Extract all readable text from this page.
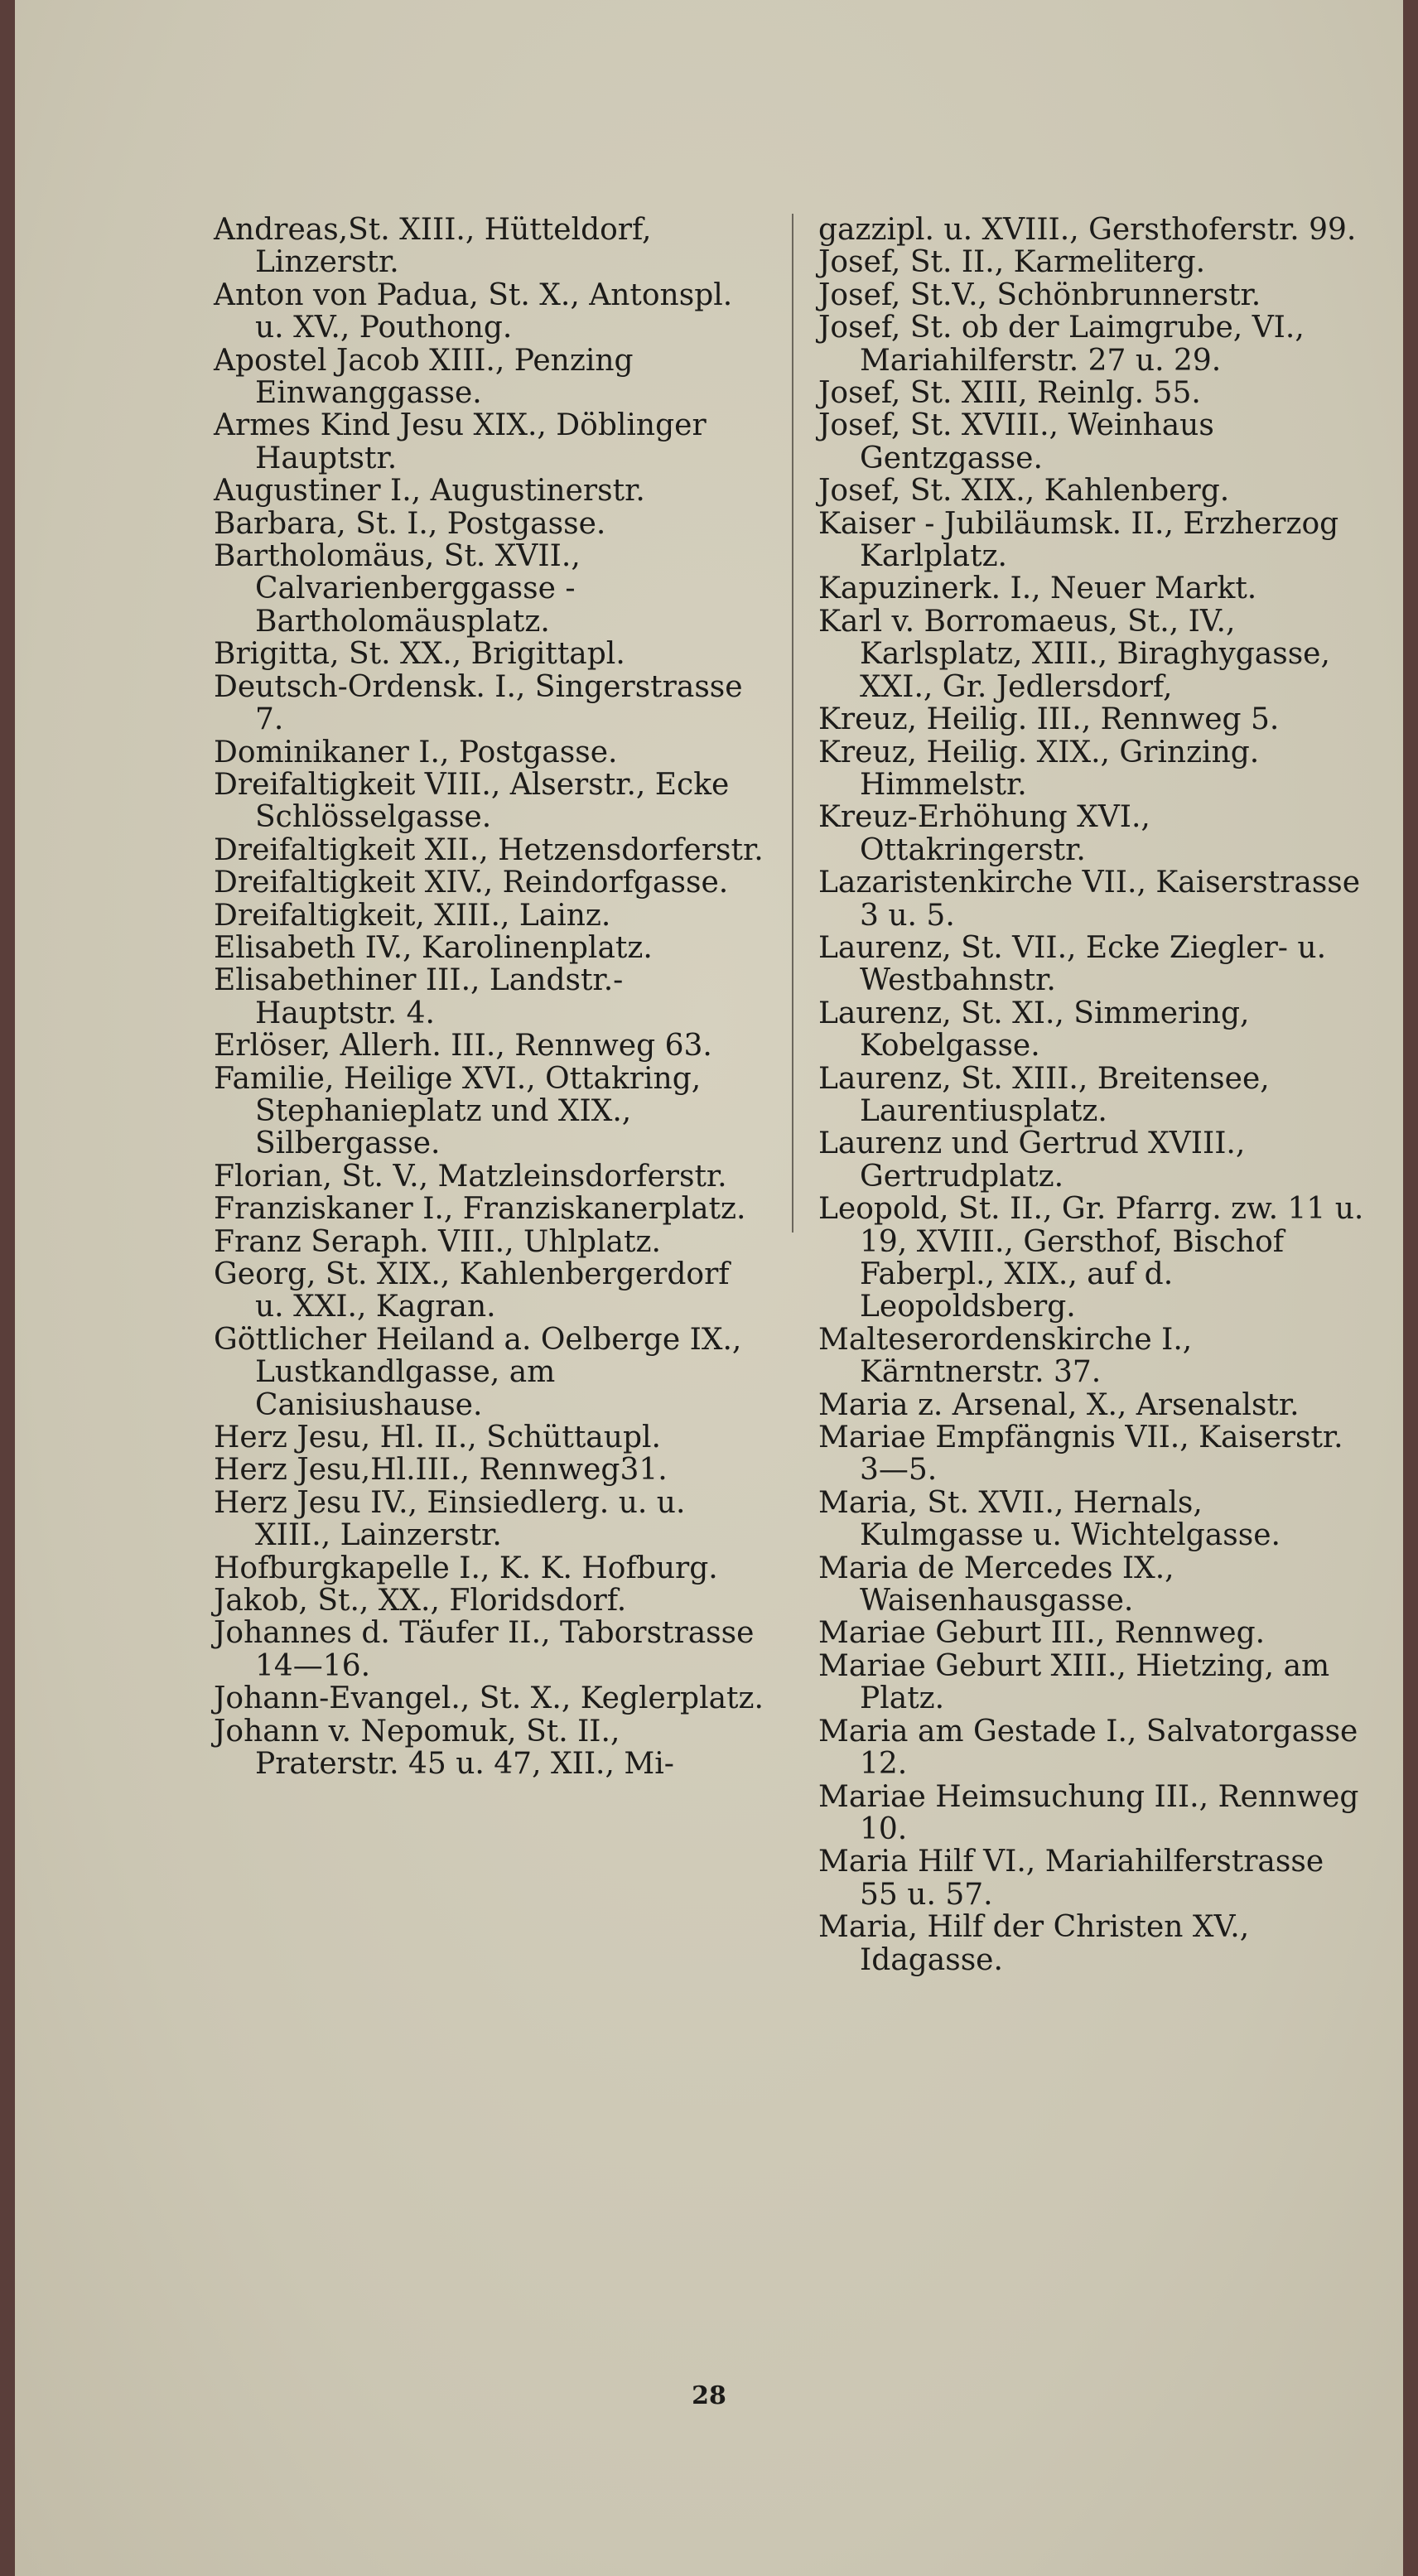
Andreas,St. XIII., Hütteldorf, Linzerstr.
Anton von Padua, St. X., Antonspl. u. XV., Pouthong.
Apostel Jacob XIII., Penzing Einwanggasse.
Armes Kind Jesu XIX., Döblinger Hauptstr.
Augustiner I., Augustinerstr.
Barbara, St. I., Postgasse.
Bartholomäus, St. XVII., Calvarienberggasse - Bartholomäusplatz.
Brigitta, St. XX., Brigittapl.
Deutsch-Ordensk. I., Singerstrasse 7.
Dominikaner I., Postgasse.
Dreifaltigkeit VIII., Alserstr., Ecke Schlösselgasse.
Dreifaltigkeit XII., Hetzensdorferstr.
Dreifaltigkeit XIV., Reindorfgasse.
Dreifaltigkeit, XIII., Lainz.
Elisabeth IV., Karolinenplatz.
Elisabethiner III., Landstr.-Hauptstr. 4.
Erlöser, Allerh. III., Rennweg 63.
Familie, Heilige XVI., Ottakring, Stephanieplatz und XIX., Silbergasse.
Florian, St. V., Matzleinsdorferstr.
Franziskaner I., Franziskanerplatz.
Franz Seraph. VIII., Uhlplatz.
Georg, St. XIX., Kahlenbergerdorf u. XXI., Kagran.
Göttlicher Heiland a. Oelberge IX., Lustkandlgasse, am Canisiushause.
Herz Jesu, Hl. II., Schüttaupl.
Herz Jesu,Hl.III., Rennweg31.
Herz Jesu IV., Einsiedlerg. u. u. XIII., Lainzerstr.
Hofburgkapelle I., K. K. Hofburg.
Jakob, St., XX., Floridsdorf.
Johannes d. Täufer II., Taborstrasse 14—16.
Johann-Evangel., St. X., Keglerplatz.
Johann v. Nepomuk, St. II., Praterstr. 45 u. 47, XII., Mi-
gazzipl. u. XVIII., Gersthoferstr. 99.
Josef, St. II., Karmeliterg.
Josef, St.V., Schönbrunnerstr.
Josef, St. ob der Laimgrube, VI., Mariahilferstr. 27 u. 29.
Josef, St. XIII, Reinlg. 55.
Josef, St. XVIII., Weinhaus Gentzgasse.
Josef, St. XIX., Kahlenberg.
Kaiser - Jubiläumsk. II., Erzherzog Karlplatz.
Kapuzinerk. I., Neuer Markt.
Karl v. Borromaeus, St., IV., Karlsplatz, XIII., Biraghygasse, XXI., Gr. Jedlersdorf,
Kreuz, Heilig. III., Rennweg 5.
Kreuz, Heilig. XIX., Grinzing. Himmelstr.
Kreuz-Erhöhung XVI., Ottakringerstr.
Lazaristenkirche VII., Kaiserstrasse 3 u. 5.
Laurenz, St. VII., Ecke Ziegler- u. Westbahnstr.
Laurenz, St. XI., Simmering, Kobelgasse.
Laurenz, St. XIII., Breitensee, Laurentiusplatz.
Laurenz und Gertrud XVIII., Gertrudplatz.
Leopold, St. II., Gr. Pfarrg. zw. 11 u. 19, XVIII., Gersthof, Bischof Faberpl., XIX., auf d. Leopoldsberg.
Malteserordenskirche I., Kärntnerstr. 37.
Maria z. Arsenal, X., Arsenalstr.
Mariae Empfängnis VII., Kaiserstr. 3—5.
Maria, St. XVII., Hernals, Kulmgasse u. Wichtelgasse.
Maria de Mercedes IX., Waisenhausgasse.
Mariae Geburt III., Rennweg.
Mariae Geburt XIII., Hietzing, am Platz.
Maria am Gestade I., Salvatorgasse 12.
Mariae Heimsuchung III., Rennweg 10.
Maria Hilf VI., Mariahilferstrasse 55 u. 57.
Maria, Hilf der Christen XV., Idagasse.
28
